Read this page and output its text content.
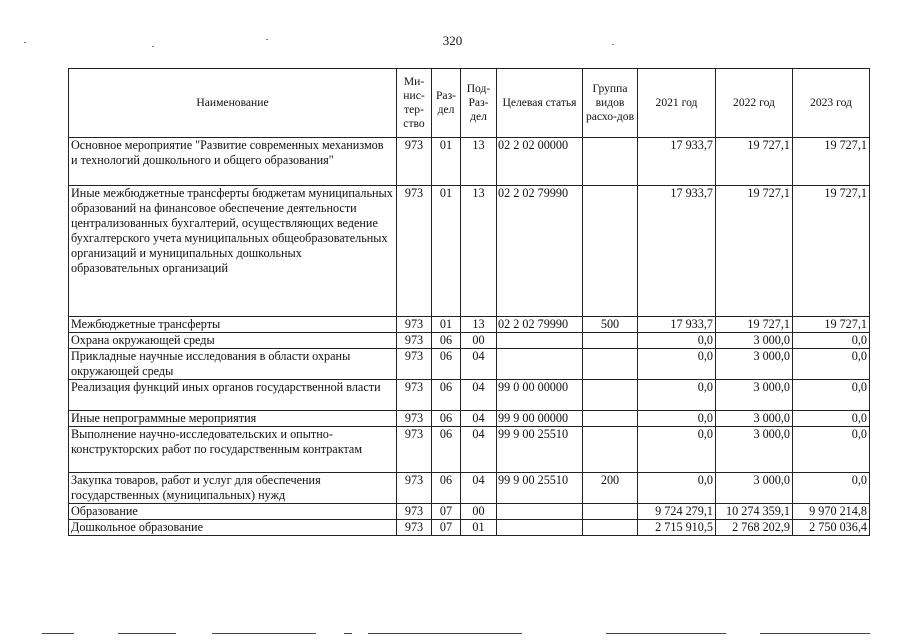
320
Наименование	Ми-нис-тер-ство	Раз-дел	Под-Раз-дел	Целевая статья	Группа видов расхо-дов	2021 год	2022 год	2023 год
Основное мероприятие "Развитие современных механизмов и технологий дошкольного и общего образования"	973	01	13	02 2 02 00000		17 933,7	19 727,1	19 727,1
Иные межбюджетные трансферты бюджетам муниципальных образований на финансовое обеспечение деятельности централизованных бухгалтерий, осуществляющих ведение бухгалтерского учета муниципальных общеобразовательных организаций и муниципальных дошкольных образовательных организаций	973	01	13	02 2 02 79990		17 933,7	19 727,1	19 727,1
Межбюджетные трансферты	973	01	13	02 2 02 79990	500	17 933,7	19 727,1	19 727,1
Охрана окружающей среды	973	06	00			0,0	3 000,0	0,0
Прикладные научные исследования в области охраны окружающей среды	973	06	04			0,0	3 000,0	0,0
Реализация функций иных органов государственной власти	973	06	04	99 0 00 00000		0,0	3 000,0	0,0
Иные непрограммные мероприятия	973	06	04	99 9 00 00000		0,0	3 000,0	0,0
Выполнение научно-исследовательских и опытно-конструкторских работ по государственным контрактам	973	06	04	99 9 00 25510		0,0	3 000,0	0,0
Закупка товаров, работ и услуг для обеспечения государственных (муниципальных) нужд	973	06	04	99 9 00 25510	200	0,0	3 000,0	0,0
Образование	973	07	00			9 724 279,1	10 274 359,1	9 970 214,8
Дошкольное образование	973	07	01			2 715 910,5	2 768 202,9	2 750 036,4
